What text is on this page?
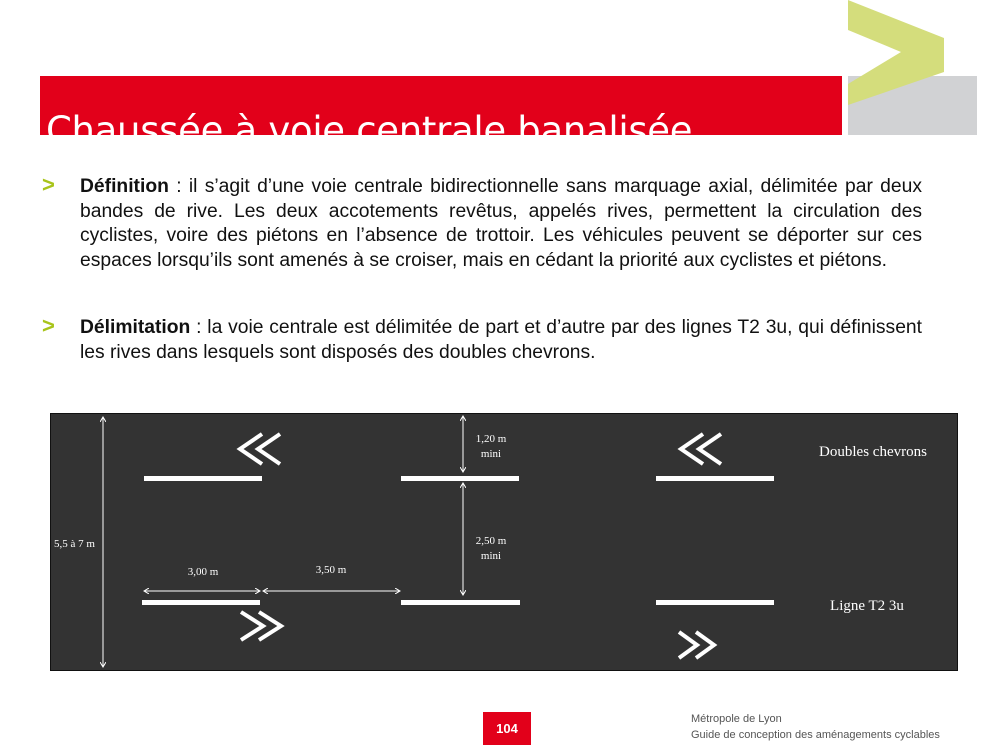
Chaussée à voie centrale banalisée
> Définition : il s’agit d’une voie centrale bidirectionnelle sans marquage axial, délimitée par deux bandes de rive. Les deux accotements revêtus, appelés rives, permettent la circulation des cyclistes, voire des piétons en l’absence de trottoir. Les véhicules peuvent se déporter sur ces espaces lorsqu’ils sont amenés à se croiser, mais en cédant la priorité aux cyclistes et piétons.
> Délimitation : la voie centrale est délimitée de part et d’autre par des lignes T2 3u, qui définissent les rives dans lesquels sont disposés des doubles chevrons.
5,5 à 7 m
1,20 m
mini
2,50 m
mini
3,00 m	3,50 m
Doubles chevrons
Ligne T2 3u
104
Métropole de Lyon
Guide de conception des aménagements cyclables
